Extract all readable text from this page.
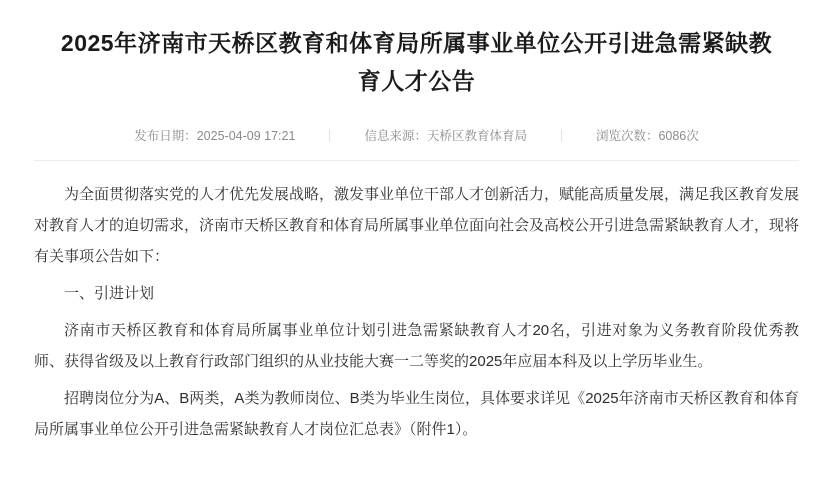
2025年济南市天桥区教育和体育局所属事业单位公开引进急需紧缺教育人才公告
发布日期：2025-04-09 17:21	信息来源：天桥区教育体育局	浏览次数：6086次

为全面贯彻落实党的人才优先发展战略，激发事业单位干部人才创新活力，赋能高质量发展，满足我区教育发展对教育人才的迫切需求，济南市天桥区教育和体育局所属事业单位面向社会及高校公开引进急需紧缺教育人才，现将有关事项公告如下：

一、引进计划

济南市天桥区教育和体育局所属事业单位计划引进急需紧缺教育人才20名，引进对象为义务教育阶段优秀教师、获得省级及以上教育行政部门组织的从业技能大赛一二等奖的2025年应届本科及以上学历毕业生。

招聘岗位分为A、B两类，A类为教师岗位、B类为毕业生岗位，具体要求详见《2025年济南市天桥区教育和体育局所属事业单位公开引进急需紧缺教育人才岗位汇总表》（附件1）。
